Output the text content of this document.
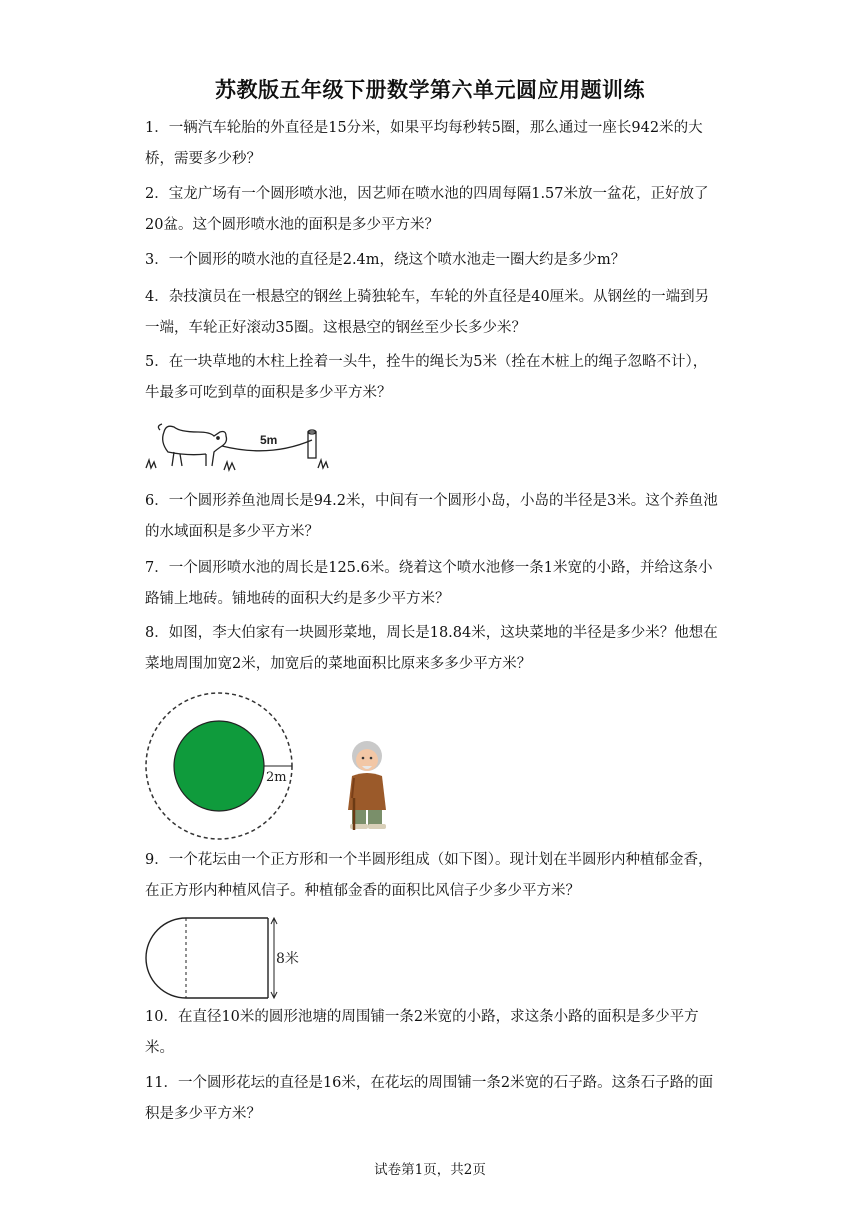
苏教版五年级下册数学第六单元圆应用题训练
1．一辆汽车轮胎的外直径是15分米，如果平均每秒转5圈，那么通过一座长942米的大桥，需要多少秒？
2．宝龙广场有一个圆形喷水池，因艺师在喷水池的四周每隔1.57米放一盆花，正好放了20盆。这个圆形喷水池的面积是多少平方米？
3．一个圆形的喷水池的直径是2.4m，绕这个喷水池走一圈大约是多少m？
4．杂技演员在一根悬空的钢丝上骑独轮车，车轮的外直径是40厘米。从钢丝的一端到另一端，车轮正好滚动35圈。这根悬空的钢丝至少长多少米？
5．在一块草地的木柱上拴着一头牛，拴牛的绳长为5米（拴在木桩上的绳子忽略不计），牛最多可吃到草的面积是多少平方米？
5m
6．一个圆形养鱼池周长是94.2米，中间有一个圆形小岛，小岛的半径是3米。这个养鱼池的水域面积是多少平方米？
7．一个圆形喷水池的周长是125.6米。绕着这个喷水池修一条1米宽的小路，并给这条小路铺上地砖。铺地砖的面积大约是多少平方米？
8．如图，李大伯家有一块圆形菜地，周长是18.84米，这块菜地的半径是多少米？他想在菜地周围加宽2米，加宽后的菜地面积比原来多多少平方米？
2m
9．一个花坛由一个正方形和一个半圆形组成（如下图）。现计划在半圆形内种植郁金香，在正方形内种植风信子。种植郁金香的面积比风信子少多少平方米？
8米
10．在直径10米的圆形池塘的周围铺一条2米宽的小路，求这条小路的面积是多少平方米。
11．一个圆形花坛的直径是16米，在花坛的周围铺一条2米宽的石子路。这条石子路的面积是多少平方米？
试卷第1页，共2页
